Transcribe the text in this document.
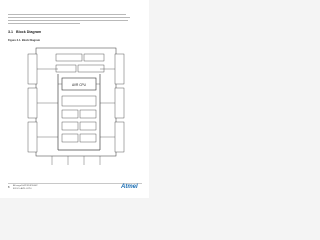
3.1 Block Diagram
Figure 3-1. Block Diagram
AVR CPU
8 ATmega164P/324P/644P
8011O–AVR–07/10	Atmel
